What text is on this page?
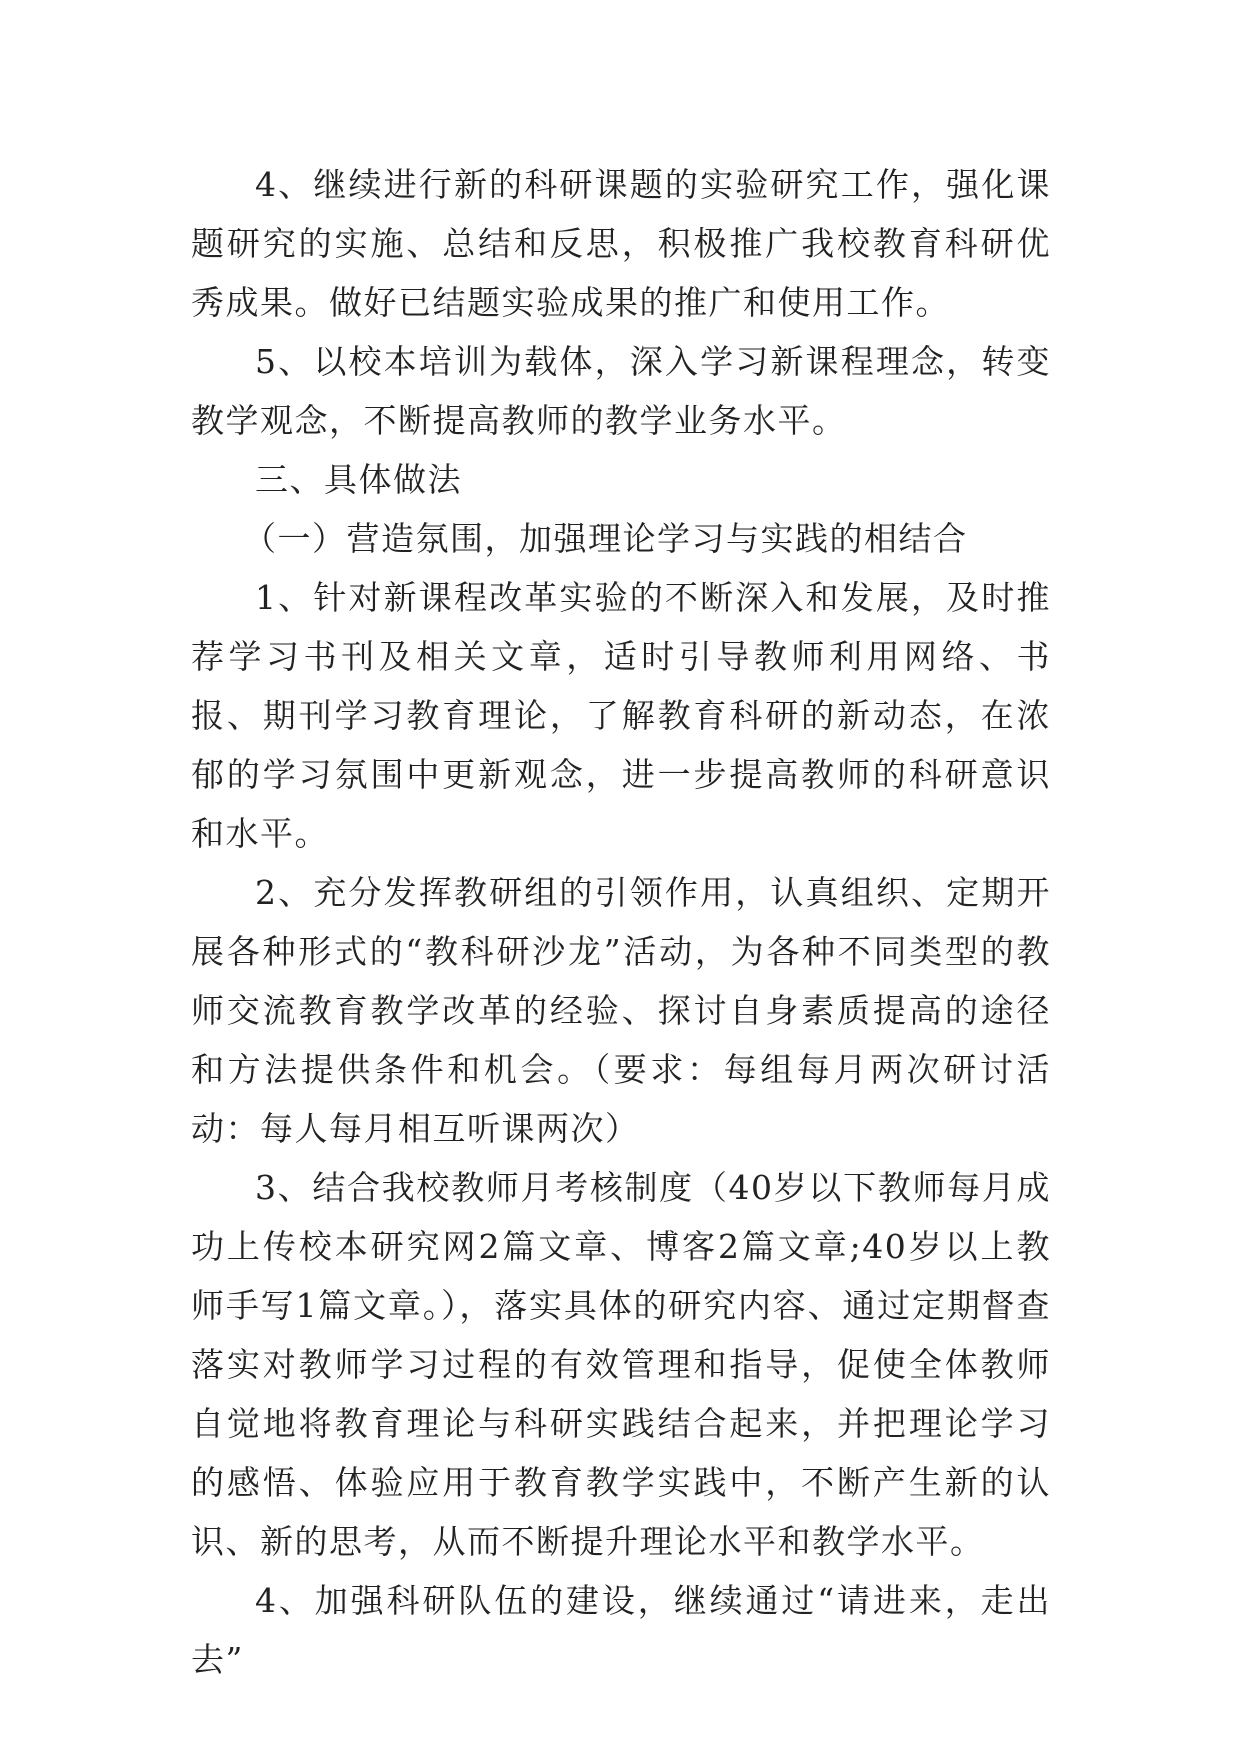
4、继续进行新的科研课题的实验研究工作，强化课题研究的实施、总结和反思，积极推广我校教育科研优秀成果。做好已结题实验成果的推广和使用工作。

5、以校本培训为载体，深入学习新课程理念，转变教学观念，不断提高教师的教学业务水平。

三、具体做法

（一）营造氛围，加强理论学习与实践的相结合

1、针对新课程改革实验的不断深入和发展，及时推荐学习书刊及相关文章，适时引导教师利用网络、书报、期刊学习教育理论，了解教育科研的新动态，在浓郁的学习氛围中更新观念，进一步提高教师的科研意识和水平。

2、充分发挥教研组的引领作用，认真组织、定期开展各种形式的“教科研沙龙”活动，为各种不同类型的教师交流教育教学改革的经验、探讨自身素质提高的途径和方法提供条件和机会。（要求：每组每月两次研讨活动：每人每月相互听课两次）

3、结合我校教师月考核制度（40岁以下教师每月成功上传校本研究网2篇文章、博客2篇文章;40岁以上教师手写1篇文章。），落实具体的研究内容、通过定期督查落实对教师学习过程的有效管理和指导，促使全体教师自觉地将教育理论与科研实践结合起来，并把理论学习的感悟、体验应用于教育教学实践中，不断产生新的认识、新的思考，从而不断提升理论水平和教学水平。

4、加强科研队伍的建设，继续通过“请进来，走出去”
